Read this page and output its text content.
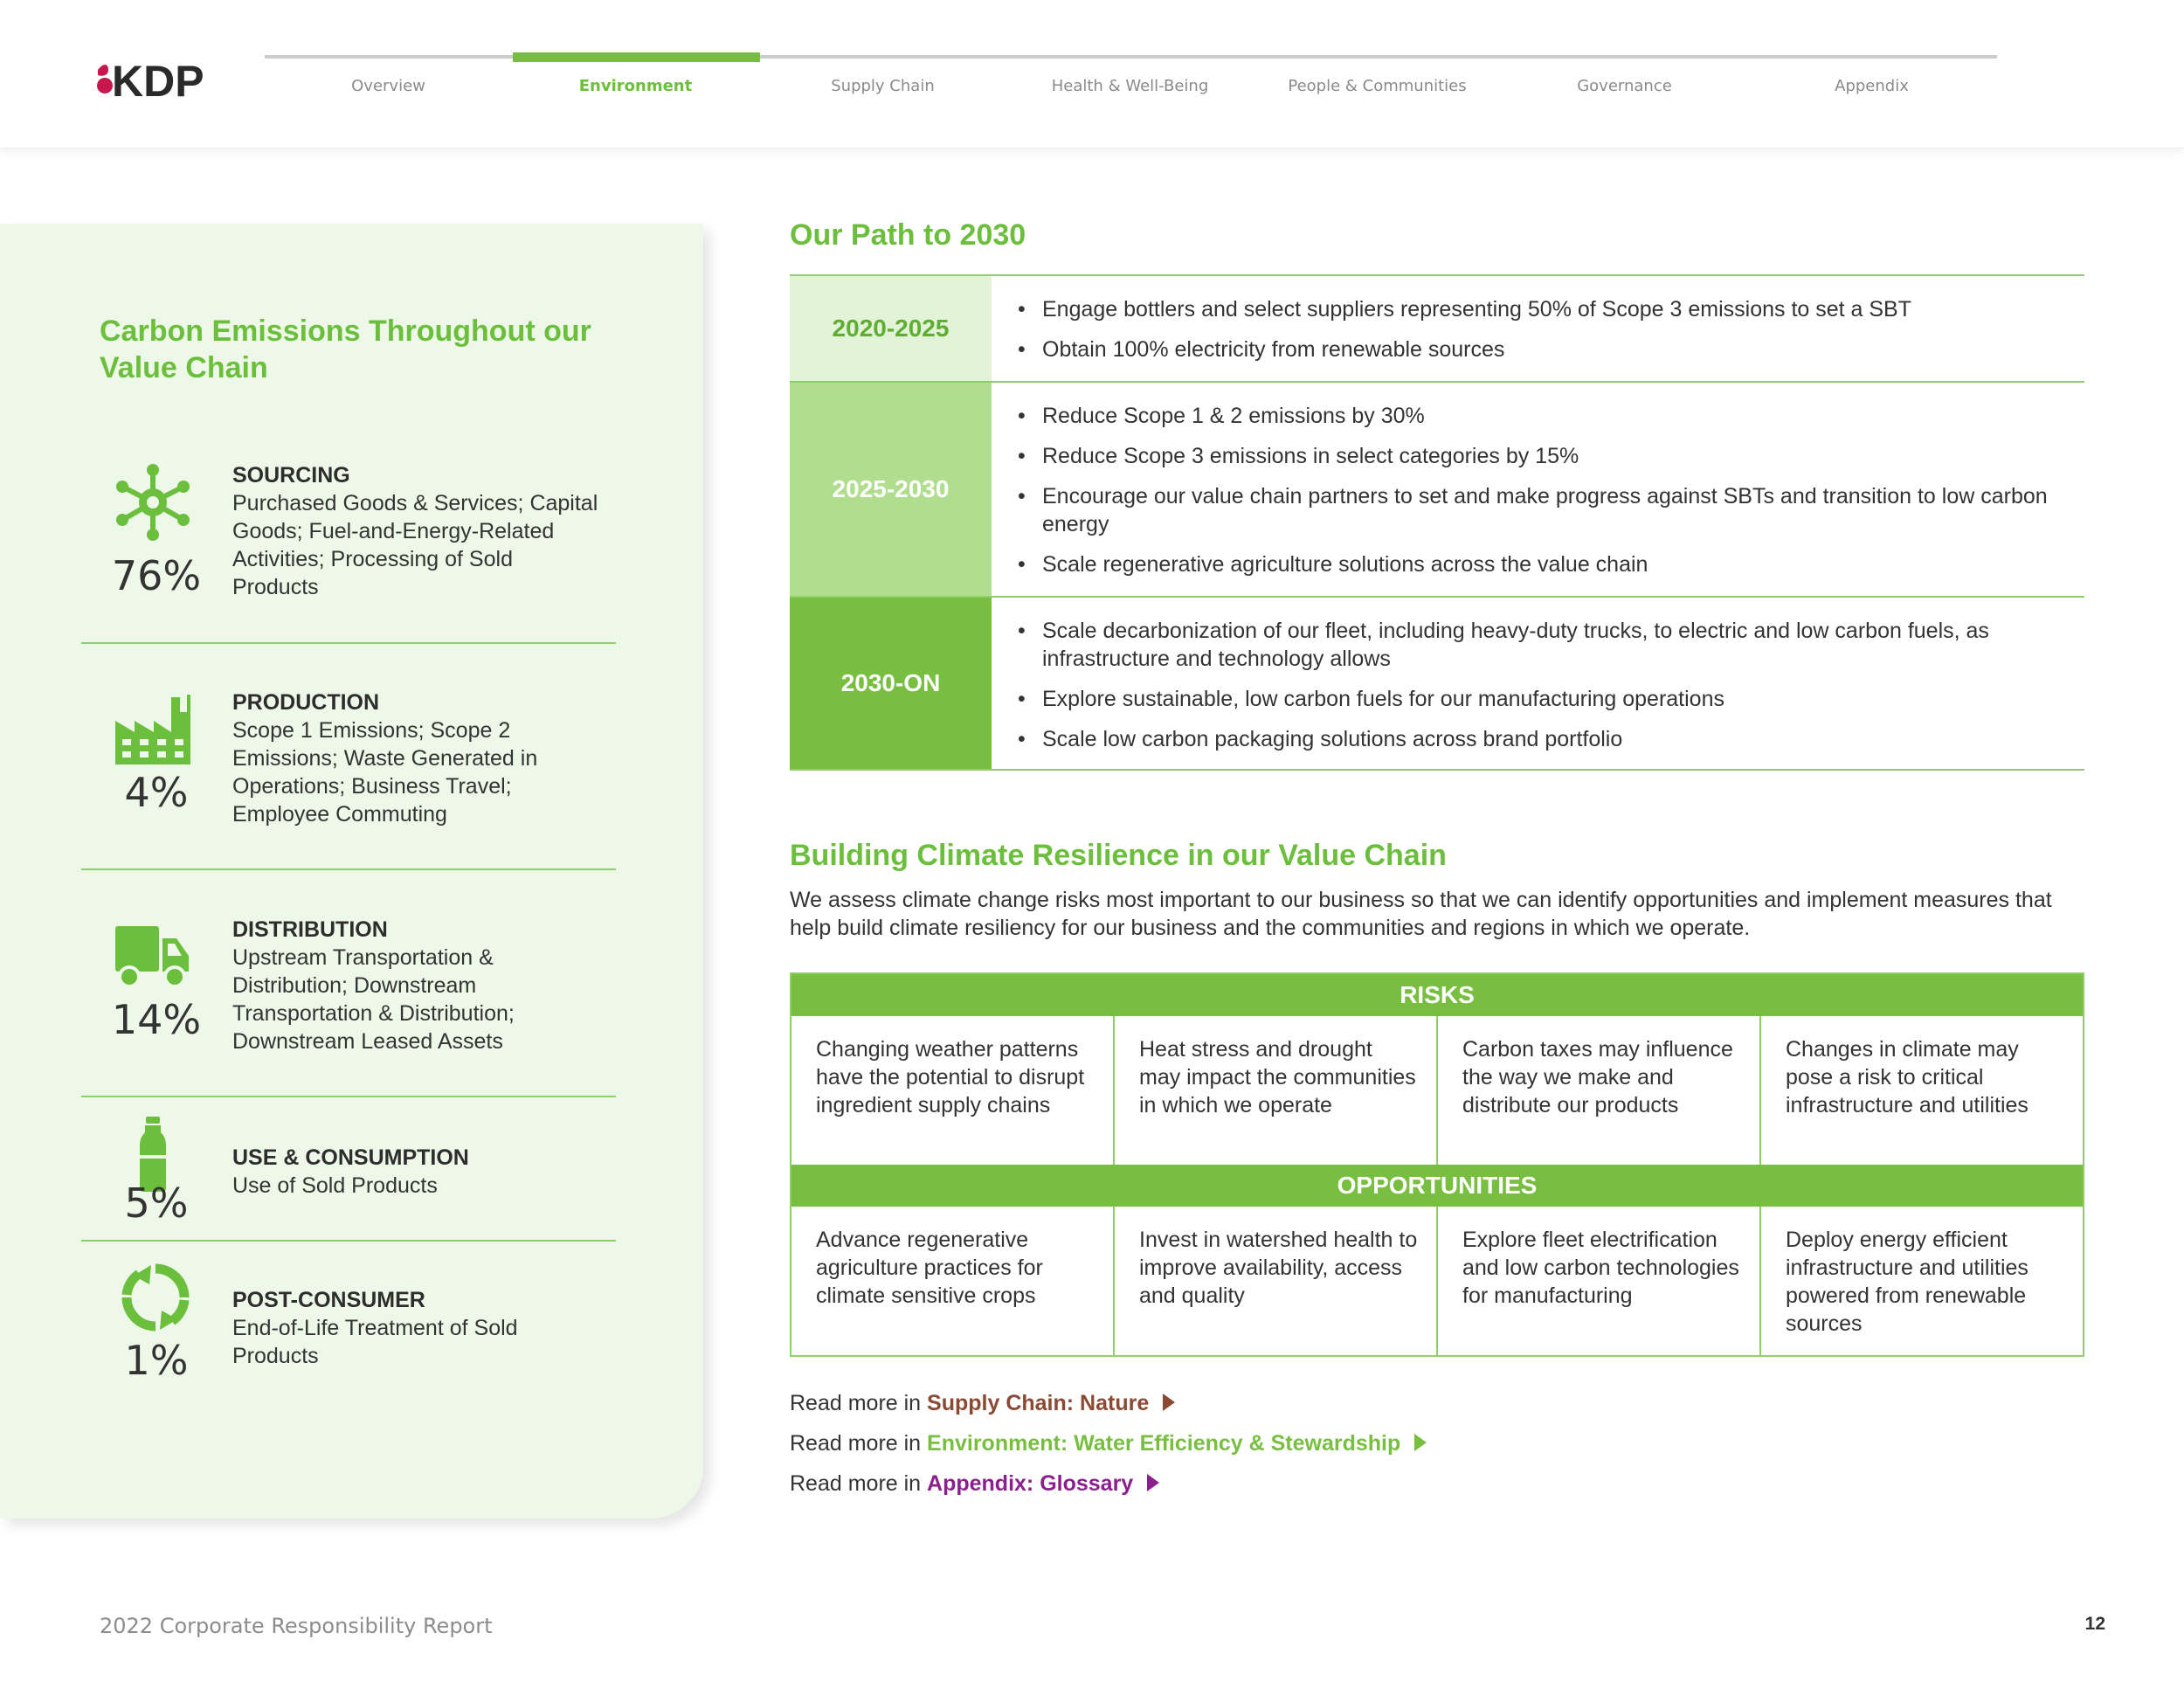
KDP	Overview	Environment	Supply Chain	Health & Well-Being	People & Communities	Governance	Appendix
Carbon Emissions Throughout our Value Chain
76%
SOURCING
Purchased Goods & Services; Capital Goods; Fuel-and-Energy-Related Activities; Processing of Sold Products
4%
PRODUCTION
Scope 1 Emissions; Scope 2 Emissions; Waste Generated in Operations; Business Travel; Employee Commuting
14%
DISTRIBUTION
Upstream Transportation & Distribution; Downstream Transportation & Distribution; Downstream Leased Assets
5%
USE & CONSUMPTION
Use of Sold Products
1%
POST-CONSUMER
End-of-Life Treatment of Sold Products
Our Path to 2030
2020-2025
• Engage bottlers and select suppliers representing 50% of Scope 3 emissions to set a SBT
• Obtain 100% electricity from renewable sources
2025-2030
• Reduce Scope 1 & 2 emissions by 30%
• Reduce Scope 3 emissions in select categories by 15%
• Encourage our value chain partners to set and make progress against SBTs and transition to low carbon energy
• Scale regenerative agriculture solutions across the value chain
2030-ON
• Scale decarbonization of our fleet, including heavy-duty trucks, to electric and low carbon fuels, as infrastructure and technology allows
• Explore sustainable, low carbon fuels for our manufacturing operations
• Scale low carbon packaging solutions across brand portfolio
Building Climate Resilience in our Value Chain
We assess climate change risks most important to our business so that we can identify opportunities and implement measures that help build climate resiliency for our business and the communities and regions in which we operate.
RISKS
Changing weather patterns have the potential to disrupt ingredient supply chains
Heat stress and drought may impact the communities in which we operate
Carbon taxes may influence the way we make and distribute our products
Changes in climate may pose a risk to critical infrastructure and utilities
OPPORTUNITIES
Advance regenerative agriculture practices for climate sensitive crops
Invest in watershed health to improve availability, access and quality
Explore fleet electrification and low carbon technologies for manufacturing
Deploy energy efficient infrastructure and utilities powered from renewable sources
Read more in Supply Chain: Nature
Read more in Environment: Water Efficiency & Stewardship
Read more in Appendix: Glossary
2022 Corporate Responsibility Report	12
